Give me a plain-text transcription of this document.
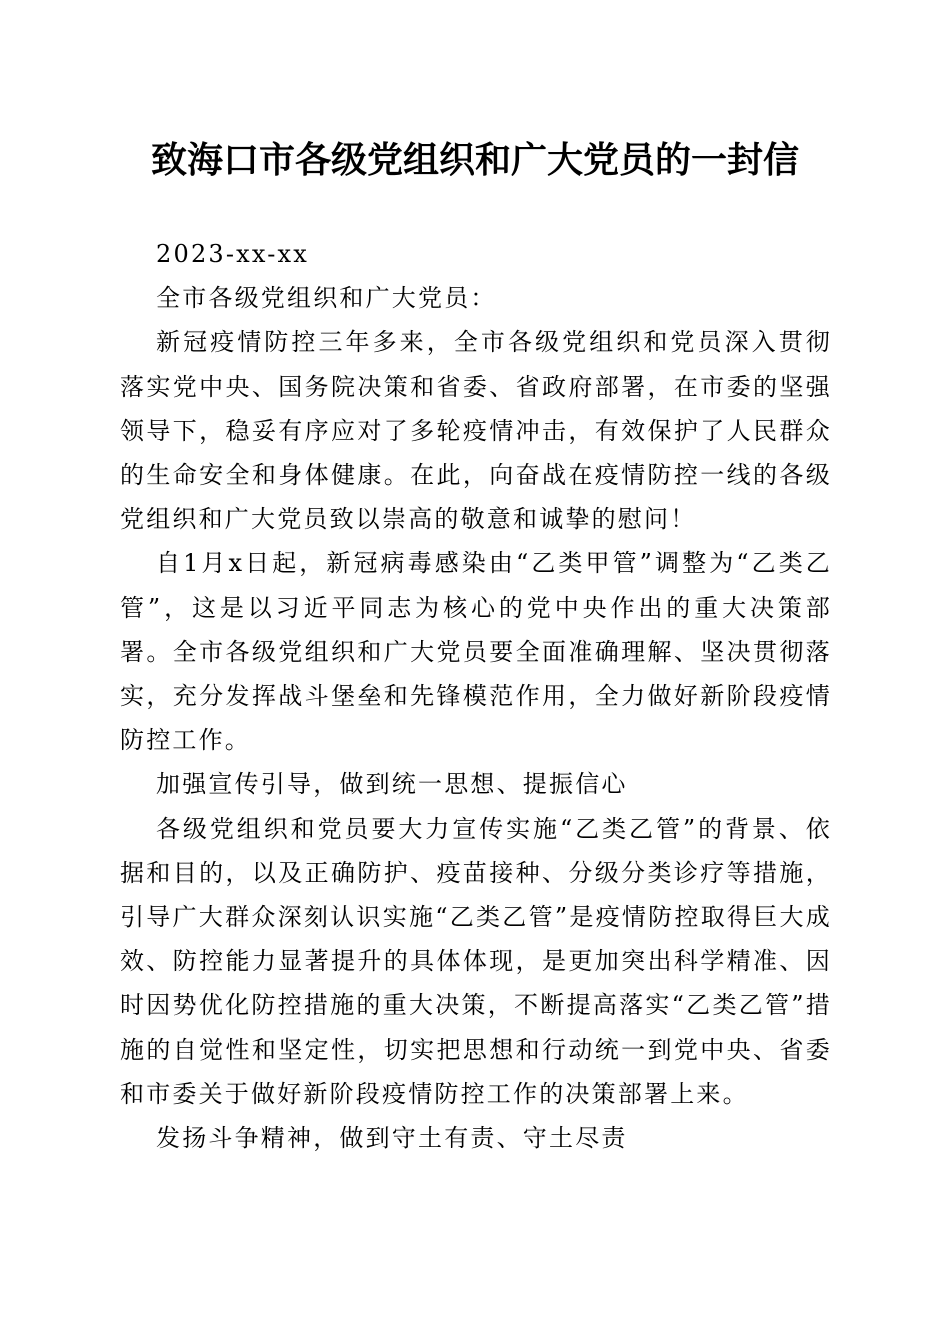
致海口市各级党组织和广大党员的一封信

2023-xx-xx

全市各级党组织和广大党员：

新冠疫情防控三年多来，全市各级党组织和党员深入贯彻落实党中央、国务院决策和省委、省政府部署，在市委的坚强领导下，稳妥有序应对了多轮疫情冲击，有效保护了人民群众的生命安全和身体健康。在此，向奋战在疫情防控一线的各级党组织和广大党员致以崇高的敬意和诚挚的慰问！

自1月x日起，新冠病毒感染由“乙类甲管”调整为“乙类乙管”，这是以习近平同志为核心的党中央作出的重大决策部署。全市各级党组织和广大党员要全面准确理解、坚决贯彻落实，充分发挥战斗堡垒和先锋模范作用，全力做好新阶段疫情防控工作。

加强宣传引导，做到统一思想、提振信心

各级党组织和党员要大力宣传实施“乙类乙管”的背景、依据和目的，以及正确防护、疫苗接种、分级分类诊疗等措施，引导广大群众深刻认识实施“乙类乙管”是疫情防控取得巨大成效、防控能力显著提升的具体体现，是更加突出科学精准、因时因势优化防控措施的重大决策，不断提高落实“乙类乙管”措施的自觉性和坚定性，切实把思想和行动统一到党中央、省委和市委关于做好新阶段疫情防控工作的决策部署上来。

发扬斗争精神，做到守土有责、守土尽责
